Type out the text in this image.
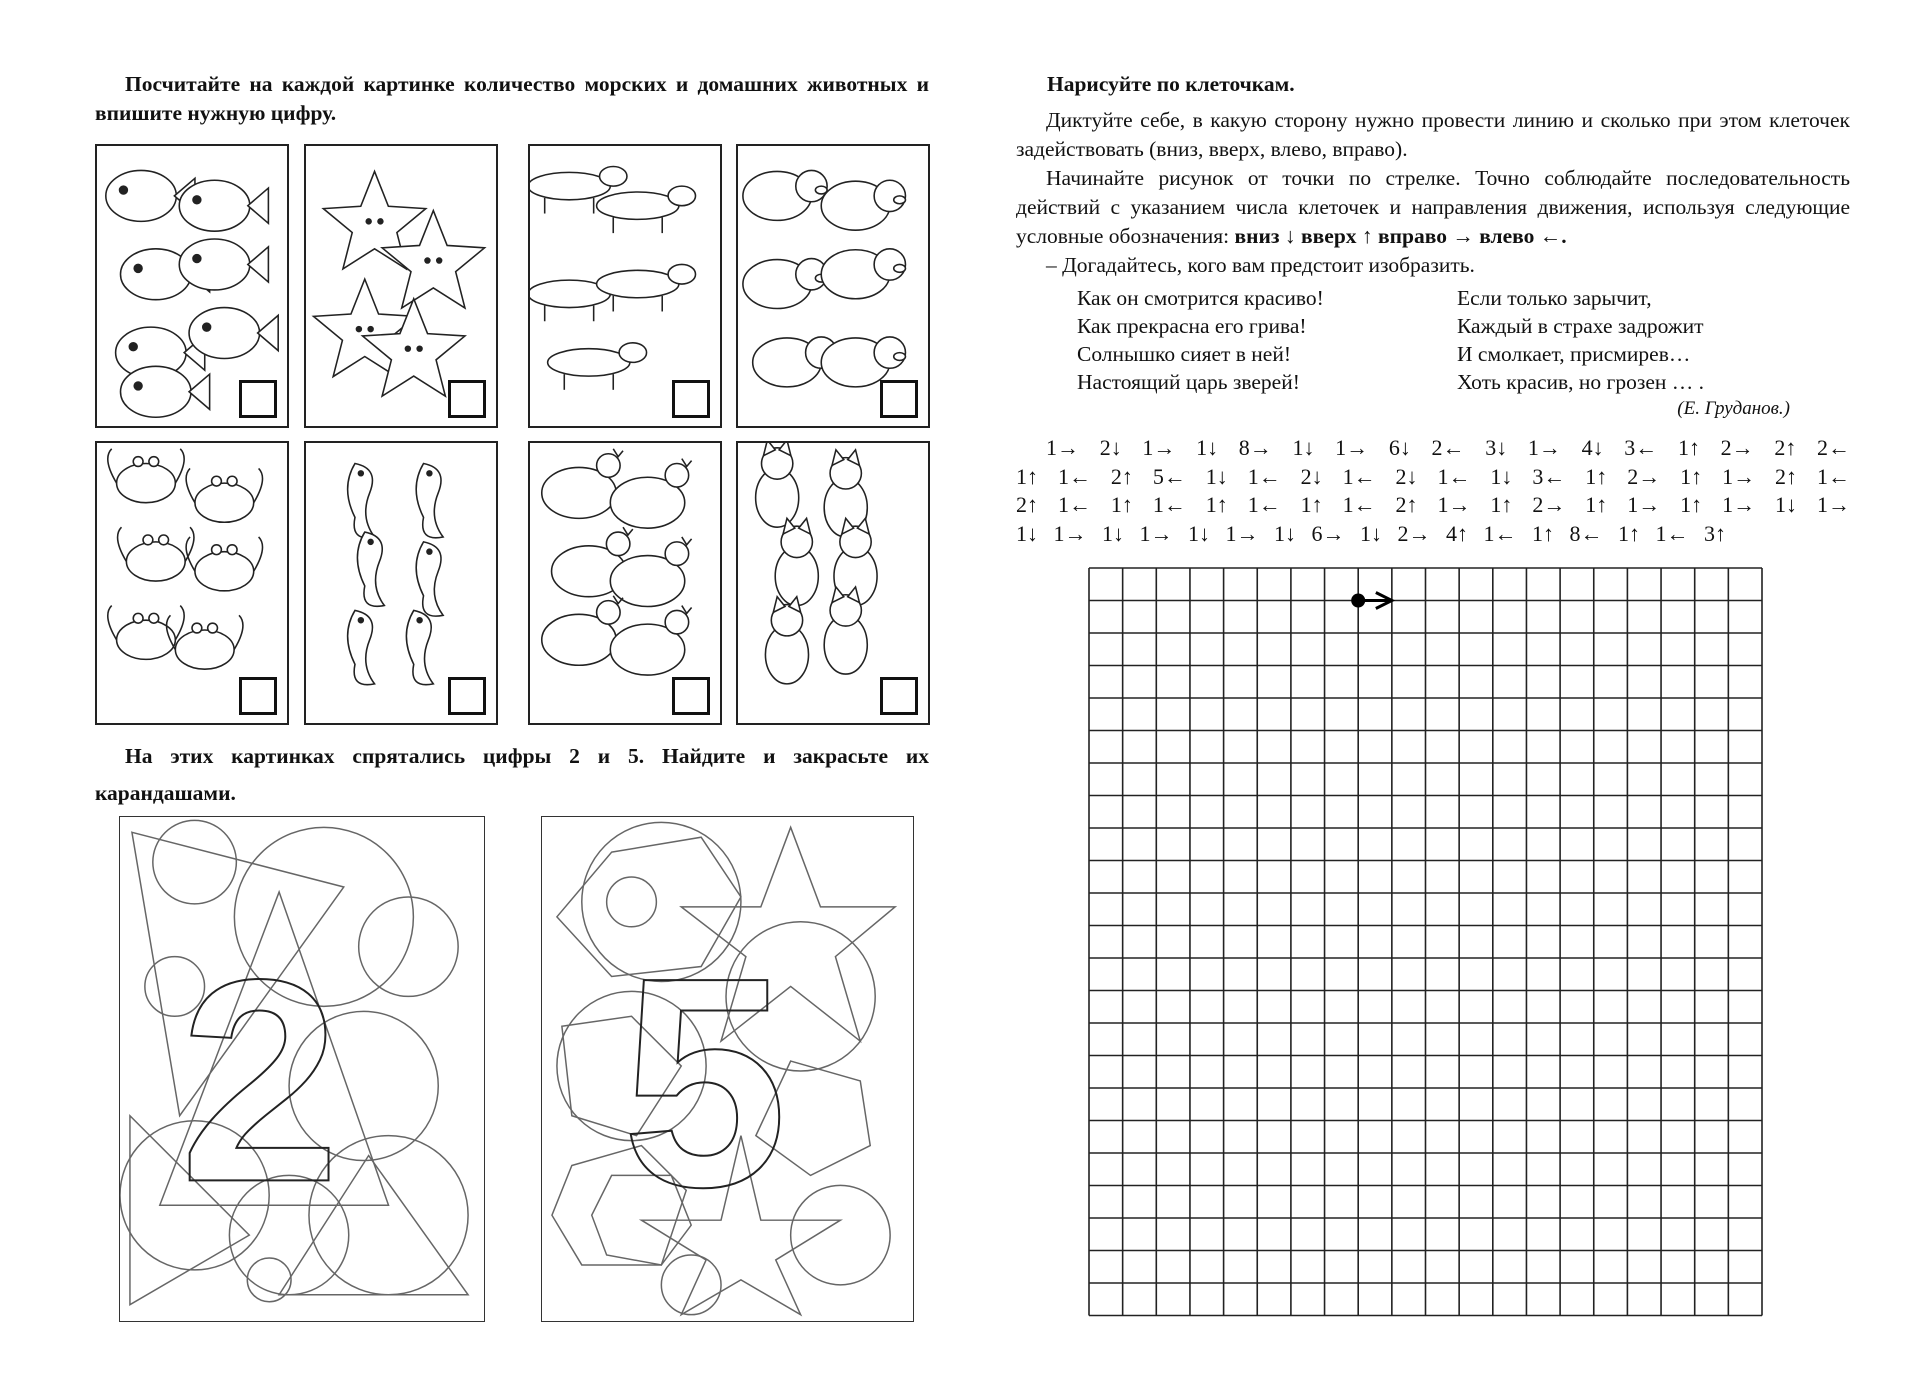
Посчитайте на каждой картинке количество морских и домашних животных и впишите нужную цифру.
На этих картинках спрятались цифры 2 и 5. Найдите и закрасьте их карандашами.
2 5
Нарисуйте по клеточкам.

Диктуйте себе, в какую сторону нужно провести линию и сколько при этом клеточек задействовать (вниз, вверх, влево, вправо).

Начинайте рисунок от точки по стрелке. Точно соблюдайте последовательность действий с указанием числа клеточек и направления движения, используя следующие условные обозначения: вниз ↓ вверх ↑ вправо → влево ←.

– Догадайтесь, кого вам предстоит изобразить.

Как он смотрится красиво!
Как прекрасна его грива!
Солнышко сияет в ней!
Настоящий царь зверей!
Если только зарычит,
Каждый в страхе задрожит
И смолкает, присмирев…
Хоть красив, но грозен … .
(Е. Груданов.)
1→ 2↓ 1→ 1↓ 8→ 1↓ 1→ 6↓ 2← 3↓ 1→ 4↓ 3← 1↑ 2→ 2↑ 2←
1↑ 1← 2↑ 5← 1↓ 1← 2↓ 1← 2↓ 1← 1↓ 3← 1↑ 2→ 1↑ 1→ 2↑ 1←
2↑ 1← 1↑ 1← 1↑ 1← 1↑ 1← 2↑ 1→ 1↑ 2→ 1↑ 1→ 1↑ 1→ 1↓ 1→
1↓ 1→ 1↓ 1→ 1↓ 1→ 1↓ 6→ 1↓ 2→ 4↑ 1← 1↑ 8← 1↑ 1← 3↑
